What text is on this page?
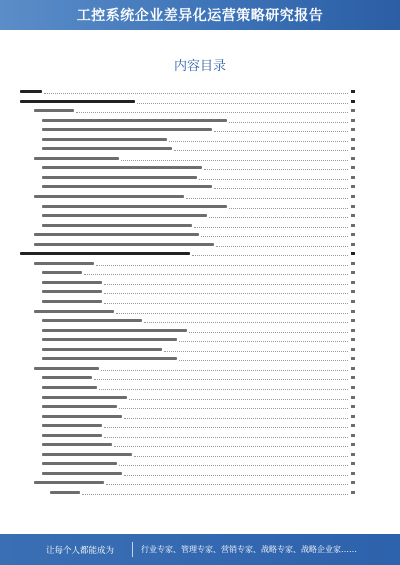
工控系统企业差异化运营策略研究报告
内容目录
让每个人都能成为	行业专家、管理专家、营销专家、战略专家、战略企业家……
